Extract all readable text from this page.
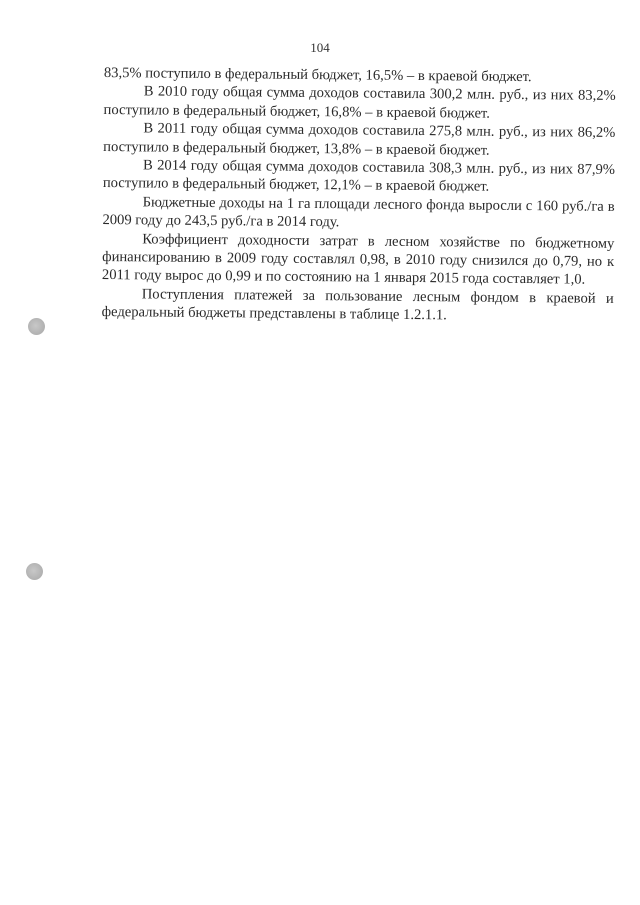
104

83,5% поступило в федеральный бюджет, 16,5% – в краевой бюджет.

В 2010 году общая сумма доходов составила 300,2 млн. руб., из них 83,2% поступило в федеральный бюджет, 16,8% – в краевой бюджет.

В 2011 году общая сумма доходов составила 275,8 млн. руб., из них 86,2% поступило в федеральный бюджет, 13,8% – в краевой бюджет.

В 2014 году общая сумма доходов составила 308,3 млн. руб., из них 87,9% поступило в федеральный бюджет, 12,1% – в краевой бюджет.

Бюджетные доходы на 1 га площади лесного фонда выросли с 160 руб./га в 2009 году до 243,5 руб./га в 2014 году.

Коэффициент доходности затрат в лесном хозяйстве по бюджетному финансированию в 2009 году составлял 0,98, в 2010 году снизился до 0,79, но к 2011 году вырос до 0,99 и по состоянию на 1 января 2015 года составляет 1,0.

Поступления платежей за пользование лесным фондом в краевой и федеральный бюджеты представлены в таблице 1.2.1.1.
